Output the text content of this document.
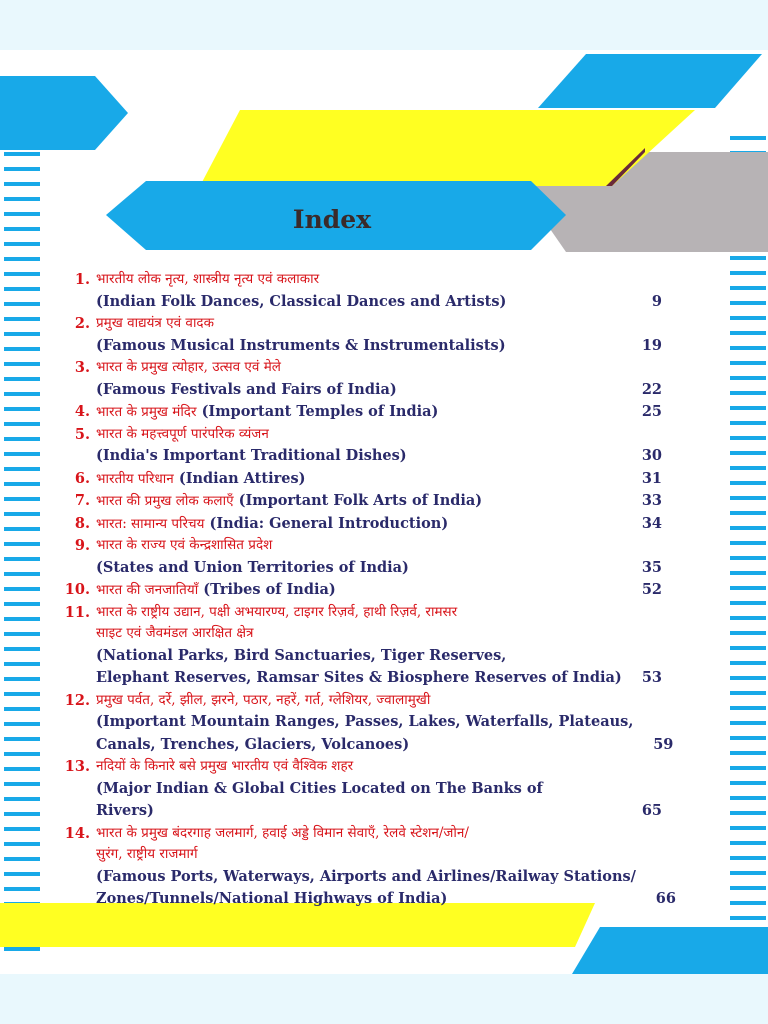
Index
1. भारतीय लोक नृत्य, शास्त्रीय नृत्य एवं कलाकार
(Indian Folk Dances, Classical Dances and Artists)	9
2. प्रमुख वाद्ययंत्र एवं वादक
(Famous Musical Instruments & Instrumentalists)	19
3. भारत के प्रमुख त्योहार, उत्सव एवं मेले
(Famous Festivals and Fairs of India)	22
4. भारत के प्रमुख मंदिर (Important Temples of India)	25
5. भारत के महत्त्वपूर्ण पारंपरिक व्यंजन
(India's Important Traditional Dishes)	30
6. भारतीय परिधान (Indian Attires)	31
7. भारत की प्रमुख लोक कलाएँ (Important Folk Arts of India)	33
8. भारत: सामान्य परिचय (India: General Introduction)	34
9. भारत के राज्य एवं केन्द्रशासित प्रदेश
(States and Union Territories of India)	35
10. भारत की जनजातियाँ (Tribes of India)	52
11. भारत के राष्ट्रीय उद्यान, पक्षी अभयारण्य, टाइगर रिज़र्व, हाथी रिज़र्व, रामसर
साइट एवं जैवमंडल आरक्षित क्षेत्र
(National Parks, Bird Sanctuaries, Tiger Reserves,
Elephant Reserves, Ramsar Sites & Biosphere Reserves of India)	53
12. प्रमुख पर्वत, दर्रे, झील, झरने, पठार, नहरें, गर्त, ग्लेशियर, ज्वालामुखी
(Important Mountain Ranges, Passes, Lakes, Waterfalls, Plateaus,
Canals, Trenches, Glaciers, Volcanoes)	59
13. नदियों के किनारे बसे प्रमुख भारतीय एवं वैश्विक शहर
(Major Indian & Global Cities Located on The Banks of
Rivers)	65
14. भारत के प्रमुख बंदरगाह जलमार्ग, हवाई अड्डे विमान सेवाएँ, रेलवे स्टेशन/जोन/
सुरंग, राष्ट्रीय राजमार्ग
(Famous Ports, Waterways, Airports and Airlines/Railway Stations/
Zones/Tunnels/National Highways of India)	66
